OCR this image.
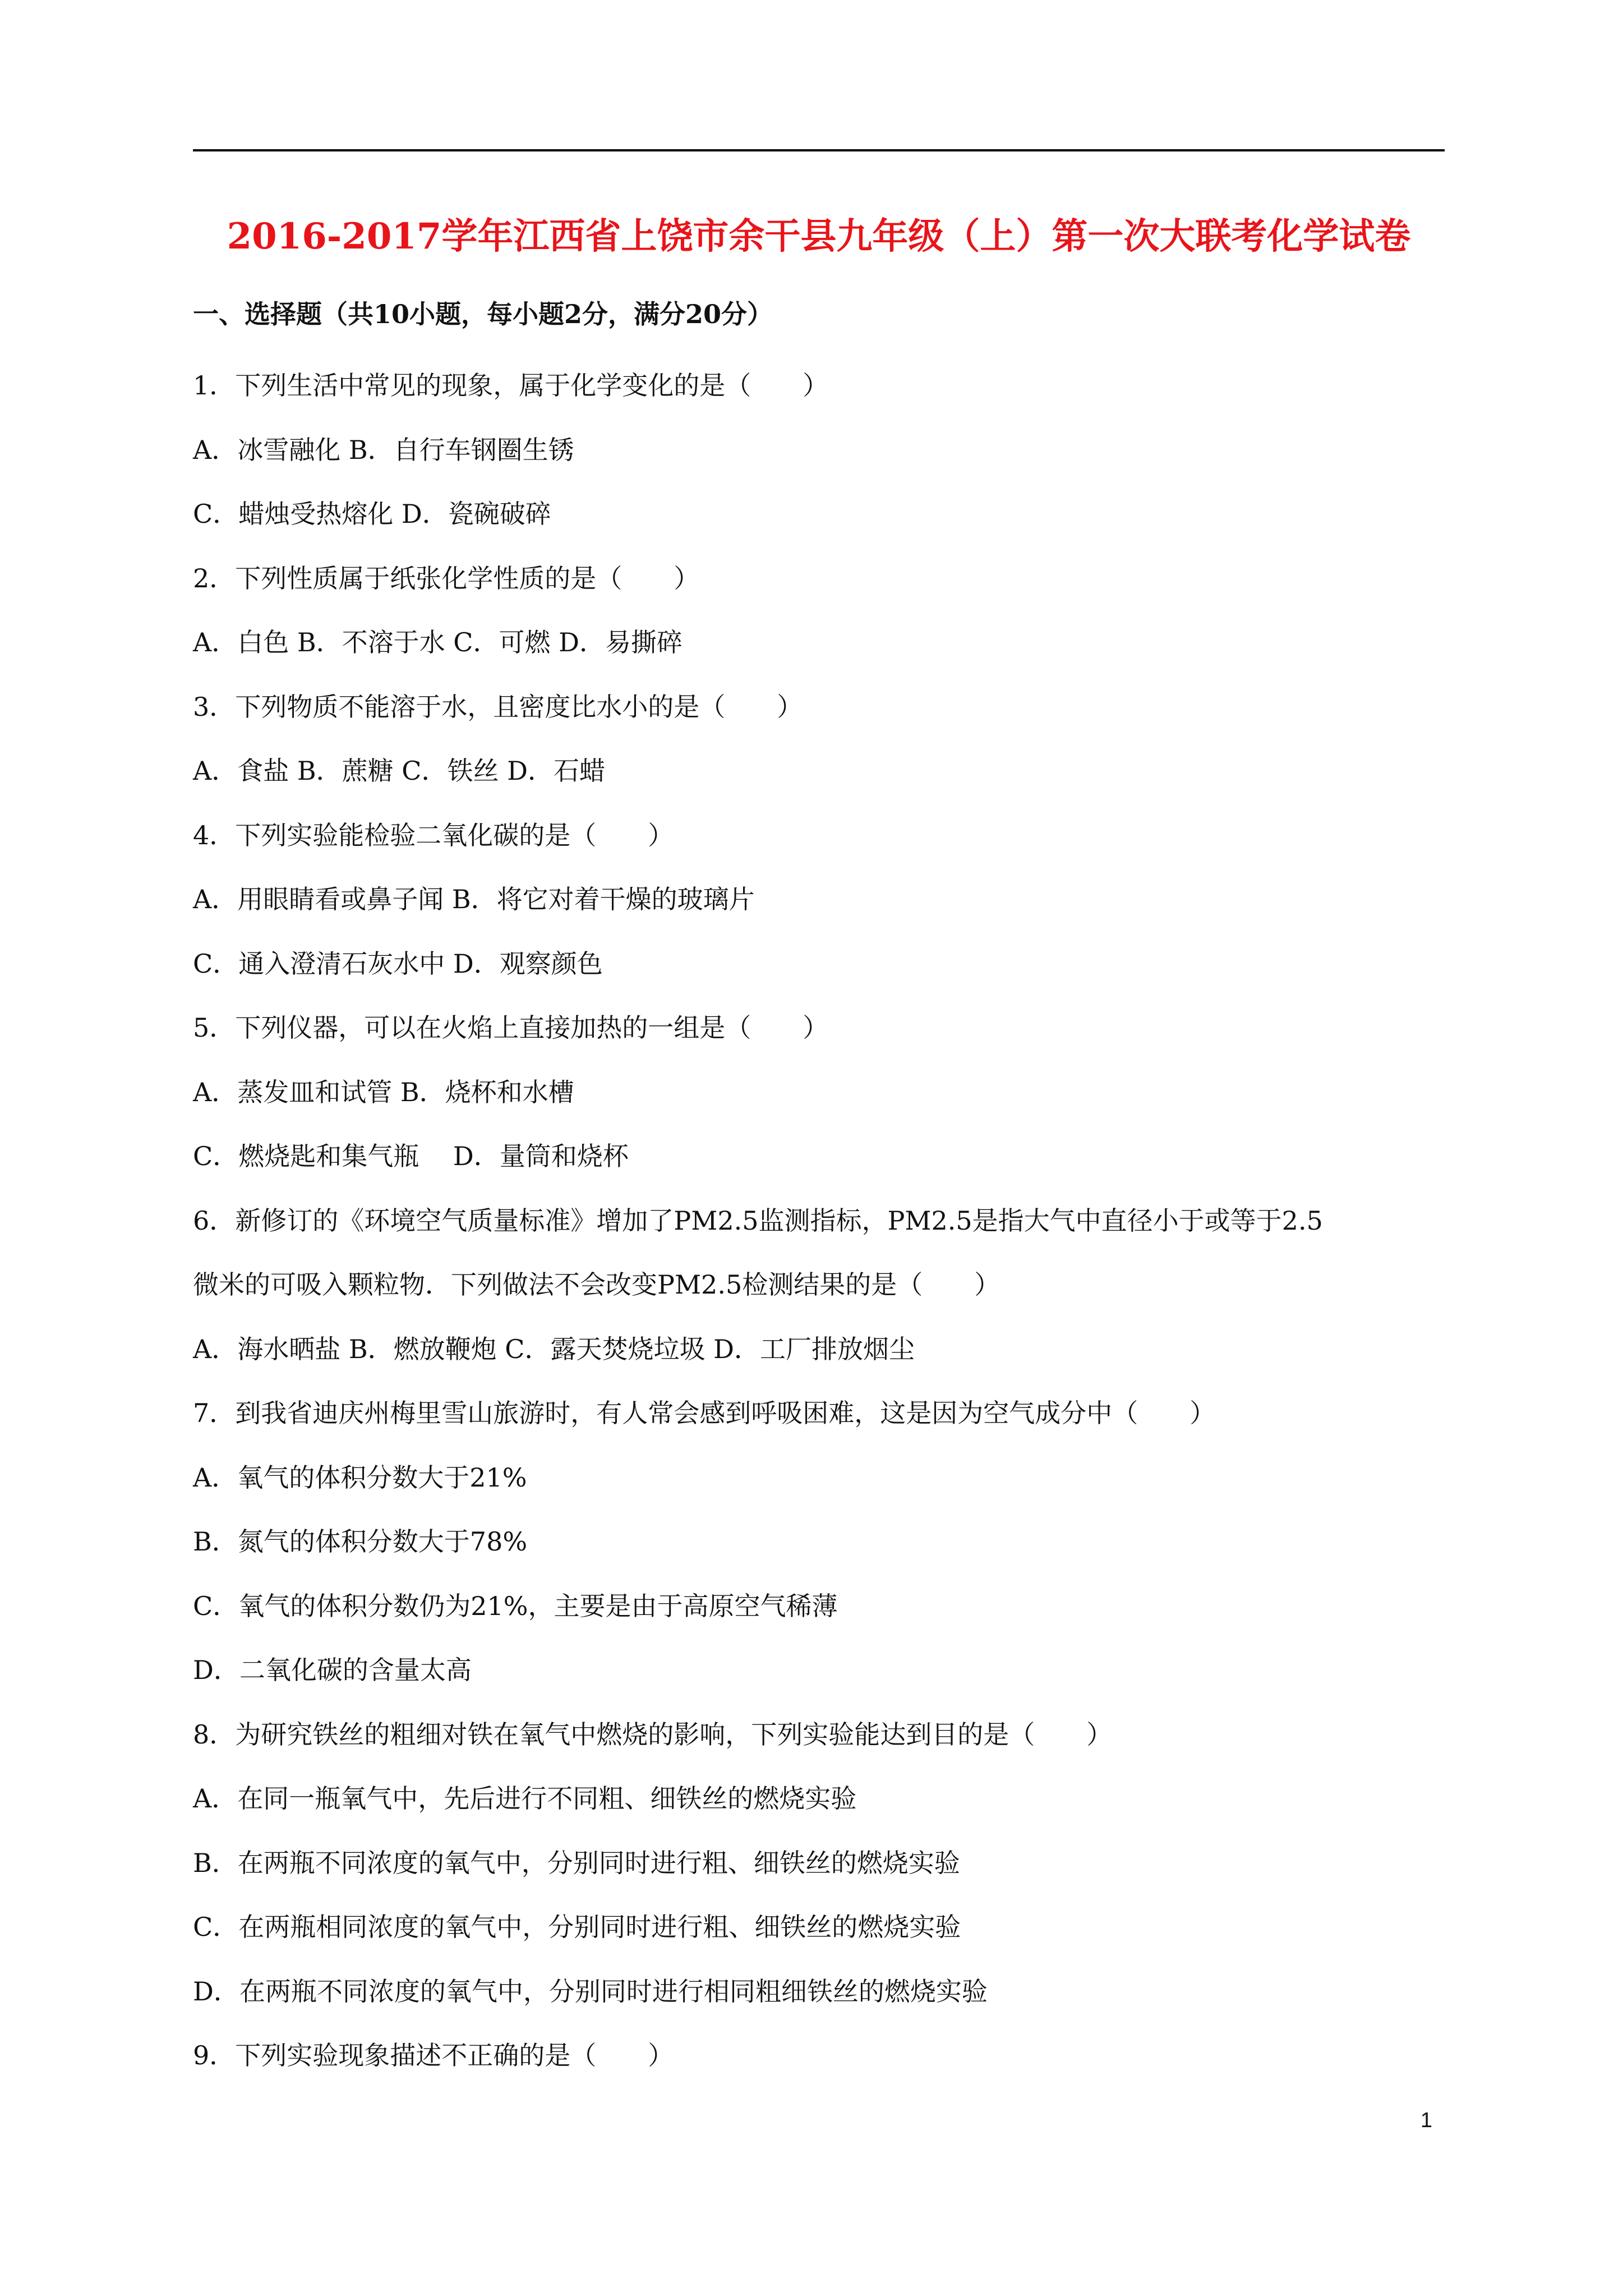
2016-2017学年江西省上饶市余干县九年级（上）第一次大联考化学试卷
一、选择题（共10小题，每小题2分，满分20分）
1．下列生活中常见的现象，属于化学变化的是（　　）
A．冰雪融化 B．自行车钢圈生锈
C．蜡烛受热熔化 D．瓷碗破碎
2．下列性质属于纸张化学性质的是（　　）
A．白色 B．不溶于水 C．可燃 D．易撕碎
3．下列物质不能溶于水，且密度比水小的是（　　）
A．食盐 B．蔗糖 C．铁丝 D．石蜡
4．下列实验能检验二氧化碳的是（　　）
A．用眼睛看或鼻子闻 B．将它对着干燥的玻璃片
C．通入澄清石灰水中 D．观察颜色
5．下列仪器，可以在火焰上直接加热的一组是（　　）
A．蒸发皿和试管 B．烧杯和水槽
C．燃烧匙和集气瓶　 D．量筒和烧杯
6．新修订的《环境空气质量标准》增加了PM2.5监测指标，PM2.5是指大气中直径小于或等于2.5
微米的可吸入颗粒物．下列做法不会改变PM2.5检测结果的是（　　）
A．海水晒盐 B．燃放鞭炮 C．露天焚烧垃圾 D．工厂排放烟尘
7．到我省迪庆州梅里雪山旅游时，有人常会感到呼吸困难，这是因为空气成分中（　　）
A．氧气的体积分数大于21%
B．氮气的体积分数大于78%
C．氧气的体积分数仍为21%，主要是由于高原空气稀薄
D．二氧化碳的含量太高
8．为研究铁丝的粗细对铁在氧气中燃烧的影响，下列实验能达到目的是（　　）
A．在同一瓶氧气中，先后进行不同粗、细铁丝的燃烧实验
B．在两瓶不同浓度的氧气中，分别同时进行粗、细铁丝的燃烧实验
C．在两瓶相同浓度的氧气中，分别同时进行粗、细铁丝的燃烧实验
D．在两瓶不同浓度的氧气中，分别同时进行相同粗细铁丝的燃烧实验
9．下列实验现象描述不正确的是（　　）
1
